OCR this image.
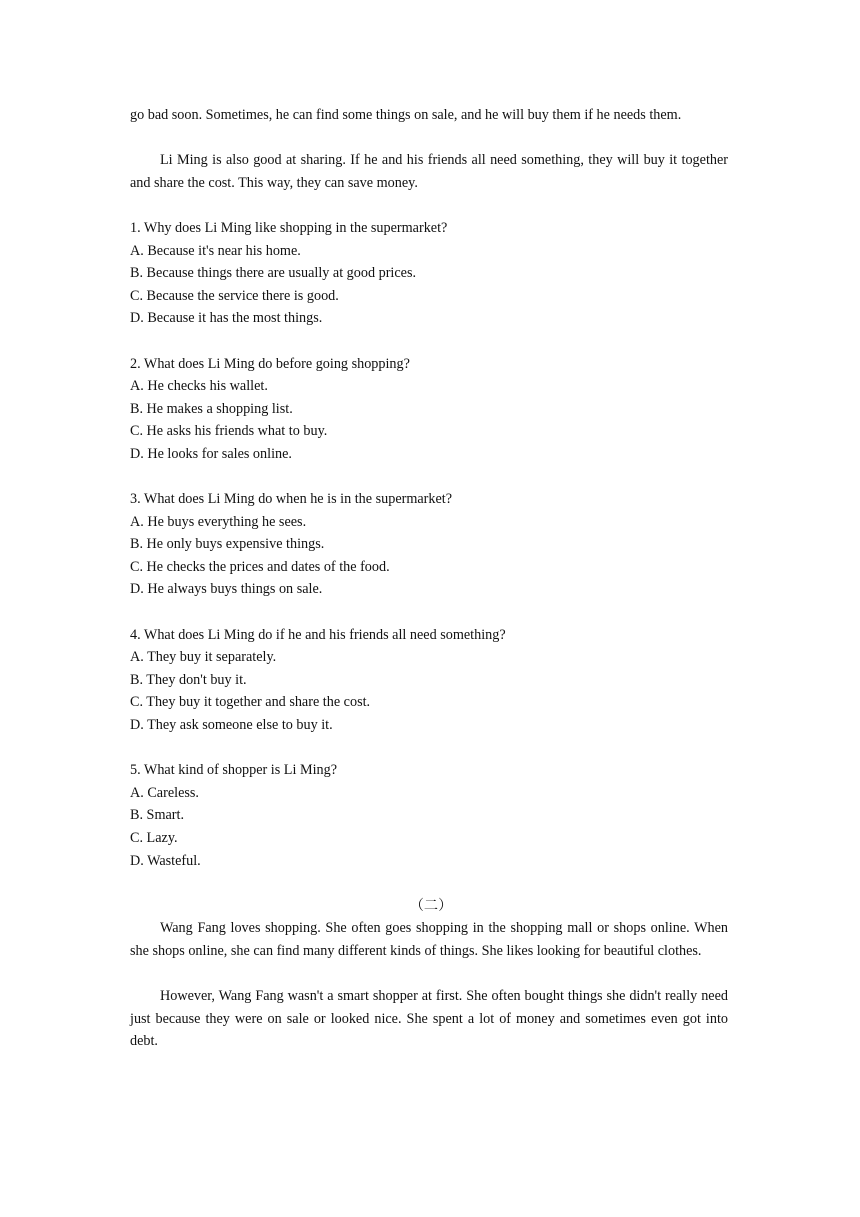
go bad soon. Sometimes, he can find some things on sale, and he will buy them if he needs them.

Li Ming is also good at sharing. If he and his friends all need something, they will buy it together and share the cost. This way, they can save money.

1. Why does Li Ming like shopping in the supermarket?

A. Because it's near his home.

B. Because things there are usually at good prices.

C. Because the service there is good.

D. Because it has the most things.

2. What does Li Ming do before going shopping?

A. He checks his wallet.

B. He makes a shopping list.

C. He asks his friends what to buy.

D. He looks for sales online.

3. What does Li Ming do when he is in the supermarket?

A. He buys everything he sees.

B. He only buys expensive things.

C. He checks the prices and dates of the food.

D. He always buys things on sale.

4. What does Li Ming do if he and his friends all need something?

A. They buy it separately.

B. They don't buy it.

C. They buy it together and share the cost.

D. They ask someone else to buy it.

5. What kind of shopper is Li Ming?

A. Careless.

B. Smart.

C. Lazy.

D. Wasteful.

（二）

Wang Fang loves shopping. She often goes shopping in the shopping mall or shops online. When she shops online, she can find many different kinds of things. She likes looking for beautiful clothes.

However, Wang Fang wasn't a smart shopper at first. She often bought things she didn't really need just because they were on sale or looked nice. She spent a lot of money and sometimes even got into debt.
